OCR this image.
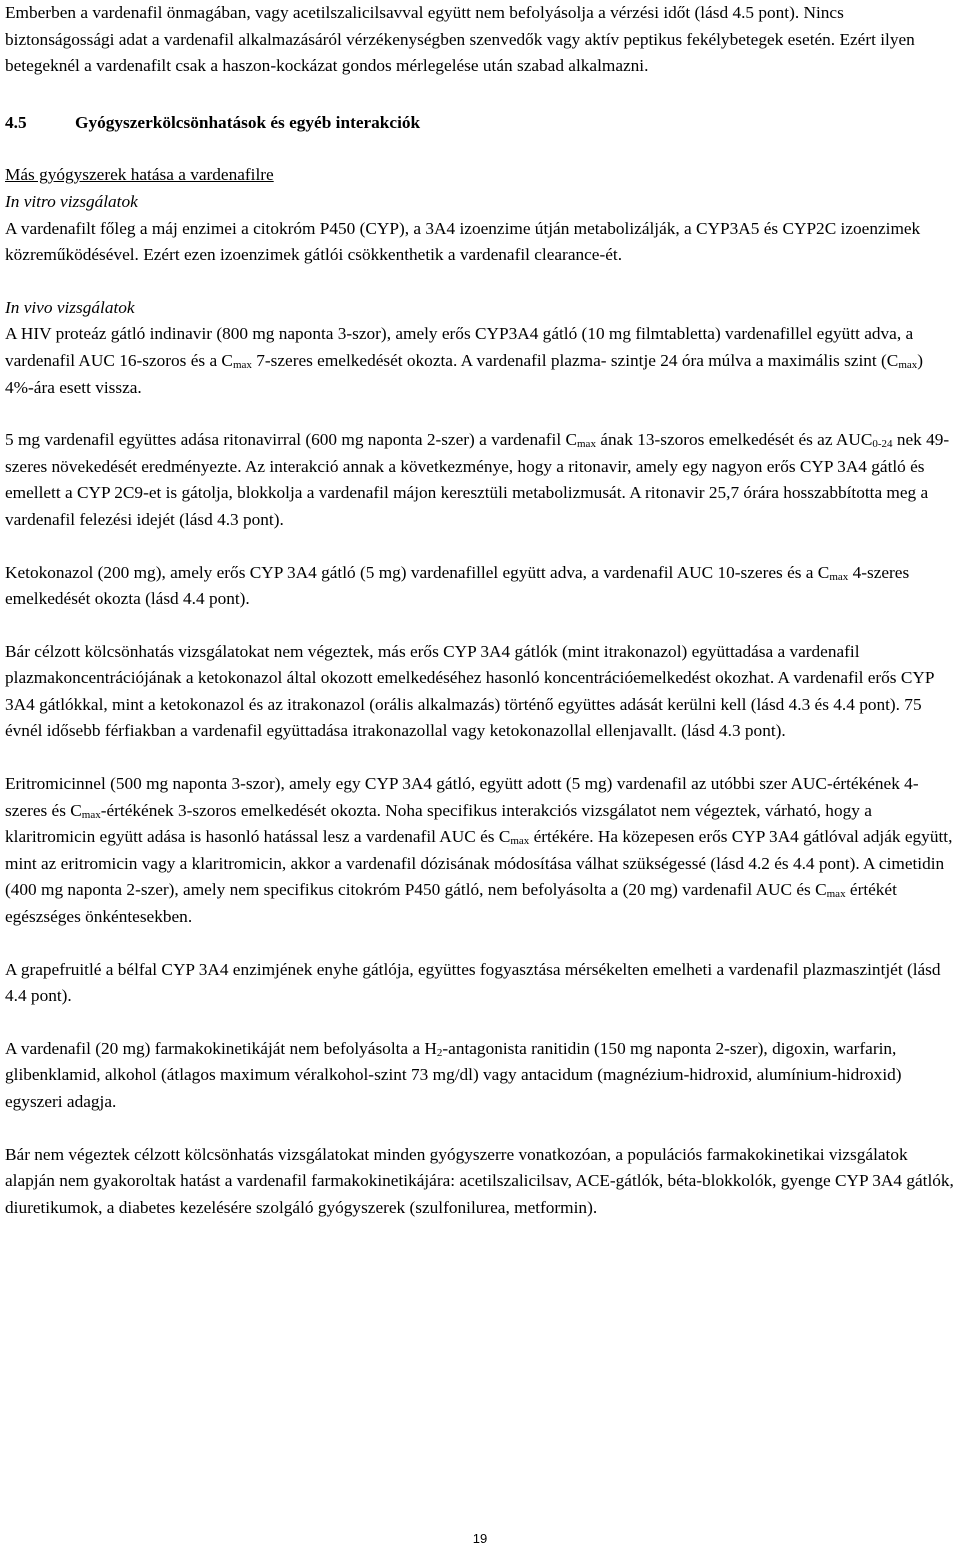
Emberben a vardenafil önmagában, vagy acetilszalicilsavval együtt nem befolyásolja a vérzési időt (lásd 4.5 pont). Nincs biztonságossági adat a vardenafil alkalmazásáról vérzékenységben szenvedők vagy aktív peptikus fekélybetegek esetén. Ezért ilyen betegeknél a vardenafilt csak a haszon-kockázat gondos mérlegelése után szabad alkalmazni.

4.5	Gyógyszerkölcsönhatások és egyéb interakciók

Más gyógyszerek hatása a vardenafilre

In vitro vizsgálatok

A vardenafilt főleg a máj enzimei a citokróm P450 (CYP), a 3A4 izoenzime útján metabolizálják, a CYP3A5 és CYP2C izoenzimek közreműködésével. Ezért ezen izoenzimek gátlói csökkenthetik a vardenafil clearance-ét.

In vivo vizsgálatok

A HIV proteáz gátló indinavir (800 mg naponta 3-szor), amely erős CYP3A4 gátló (10 mg filmtabletta) vardenafillel együtt adva, a vardenafil AUC 16-szoros és a $C_{max}$ 7-szeres emelkedését okozta. A vardenafil plazma- szintje 24 óra múlva a maximális szint $(C_{max})$ 4%-ára esett vissza.

5 mg vardenafil együttes adása ritonavirral (600 mg naponta 2-szer) a vardenafil $C_{max}$ ának 13-szoros emelkedését és az $AUC_{0-24}$ nek 49-szeres növekedését eredményezte. Az interakció annak a következménye, hogy a ritonavir, amely egy nagyon erős CYP 3A4 gátló és emellett a CYP 2C9-et is gátolja, blokkolja a vardenafil májon keresztüli metabolizmusát. A ritonavir 25,7 órára hosszabbította meg a vardenafil felezési idejét (lásd 4.3 pont).

Ketokonazol (200 mg), amely erős CYP 3A4 gátló (5 mg) vardenafillel együtt adva, a vardenafil AUC 10-szeres és a $C_{max}$ 4-szeres emelkedését okozta (lásd 4.4 pont).

Bár célzott kölcsönhatás vizsgálatokat nem végeztek, más erős CYP 3A4 gátlók (mint itrakonazol) együttadása a vardenafil plazmakoncentrációjának a ketokonazol által okozott emelkedéséhez hasonló koncentrációemelkedést okozhat. A vardenafil erős CYP 3A4 gátlókkal, mint a ketokonazol és az itrakonazol (orális alkalmazás) történő együttes adását kerülni kell (lásd 4.3 és 4.4 pont). 75 évnél idősebb férfiakban a vardenafil együttadása itrakonazollal vagy ketokonazollal ellenjavallt. (lásd 4.3 pont).

Eritromicinnel (500 mg naponta 3-szor), amely egy CYP 3A4 gátló, együtt adott (5 mg) vardenafil az utóbbi szer AUC-értékének 4-szeres és $C_{max}$-értékének 3-szoros emelkedését okozta. Noha specifikus interakciós vizsgálatot nem végeztek, várható, hogy a klaritromicin együtt adása is hasonló hatással lesz a vardenafil AUC és $C_{max}$ értékére. Ha közepesen erős CYP 3A4 gátlóval adják együtt, mint az eritromicin vagy a klaritromicin, akkor a vardenafil dózisának módosítása válhat szükségessé (lásd 4.2 és 4.4 pont). A cimetidin (400 mg naponta 2-szer), amely nem specifikus citokróm P450 gátló, nem befolyásolta a (20 mg) vardenafil AUC és $C_{max}$ értékét egészséges önkéntesekben.

A grapefruitlé a bélfal CYP 3A4 enzimjének enyhe gátlója, együttes fogyasztása mérsékelten emelheti a vardenafil plazmaszintjét (lásd 4.4 pont).

A vardenafil (20 mg) farmakokinetikáját nem befolyásolta a $H_2$-antagonista ranitidin (150 mg naponta 2-szer), digoxin, warfarin, glibenklamid, alkohol (átlagos maximum véralkohol-szint 73 mg/dl) vagy antacidum (magnézium-hidroxid, alumínium-hidroxid) egyszeri adagja.

Bár nem végeztek célzott kölcsönhatás vizsgálatokat minden gyógyszerre vonatkozóan, a populációs farmakokinetikai vizsgálatok alapján nem gyakoroltak hatást a vardenafil farmakokinetikájára: acetilszalicilsav, ACE-gátlók, béta-blokkolók, gyenge CYP 3A4 gátlók, diuretikumok, a diabetes kezelésére szolgáló gyógyszerek (szulfonilurea, metformin).

19
